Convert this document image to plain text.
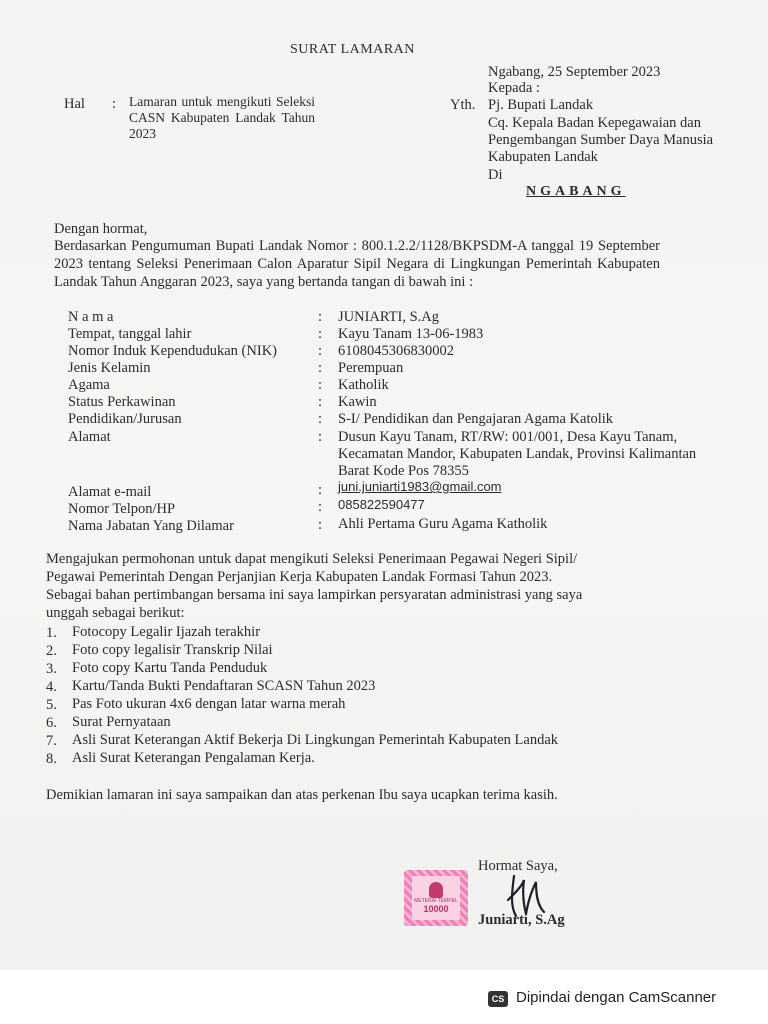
SURAT LAMARAN
Hal : Lamaran untuk mengikuti Seleksi CASN Kabupaten Landak Tahun 2023
Ngabang, 25 September 2023
Kepada :
Yth. Pj. Bupati Landak
Cq. Kepala Badan Kepegawaian dan
Pengembangan Sumber Daya Manusia
Kabupaten Landak
Di
NGABANG
Dengan hormat,
Berdasarkan Pengumuman Bupati Landak Nomor : 800.1.2.2/1128/BKPSDM-A tanggal 19 September 2023 tentang Seleksi Penerimaan Calon Aparatur Sipil Negara di Lingkungan Pemerintah Kabupaten Landak Tahun Anggaran 2023, saya yang bertanda tangan di bawah ini :
N a m a	: JUNIARTI, S.Ag
Tempat, tanggal lahir	: Kayu Tanam 13-06-1983
Nomor Induk Kependudukan (NIK)	: 6108045306830002
Jenis Kelamin	: Perempuan
Agama	: Katholik
Status Perkawinan	: Kawin
Pendidikan/Jurusan	: S-I/ Pendidikan dan Pengajaran Agama Katolik
Alamat	: Dusun Kayu Tanam, RT/RW: 001/001, Desa Kayu Tanam,
Kecamatan Mandor, Kabupaten Landak, Provinsi Kalimantan
Barat Kode Pos 78355
Alamat e-mail	: juni.juniarti1983@gmail.com
Nomor Telpon/HP	: 085822590477
Nama Jabatan Yang Dilamar	: Ahli Pertama Guru Agama Katholik
Mengajukan permohonan untuk dapat mengikuti Seleksi Penerimaan Pegawai Negeri Sipil/
Pegawai Pemerintah Dengan Perjanjian Kerja Kabupaten Landak Formasi Tahun 2023.
Sebagai bahan pertimbangan bersama ini saya lampirkan persyaratan administrasi yang saya
unggah sebagai berikut:
1. Fotocopy Legalir Ijazah terakhir
2. Foto copy legalisir Transkrip Nilai
3. Foto copy Kartu Tanda Penduduk
4. Kartu/Tanda Bukti Pendaftaran SCASN Tahun 2023
5. Pas Foto ukuran 4x6 dengan latar warna merah
6. Surat Pernyataan
7. Asli Surat Keterangan Aktif Bekerja Di Lingkungan Pemerintah Kabupaten Landak
8. Asli Surat Keterangan Pengalaman Kerja.
Demikian lamaran ini saya sampaikan dan atas perkenan Ibu saya ucapkan terima kasih.
Hormat Saya,
METERAI TEMPEL
10000
Juniarti, S.Ag
CS Dipindai dengan CamScanner
